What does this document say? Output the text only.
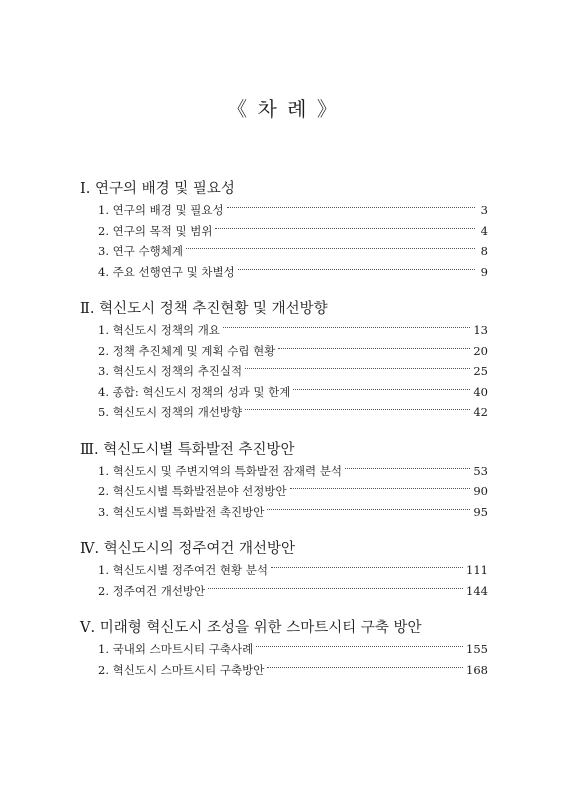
《 차 례 》
I. 연구의 배경 및 필요성
1. 연구의 배경 및 필요성	3
2. 연구의 목적 및 범위	4
3. 연구 수행체계	8
4. 주요 선행연구 및 차별성	9
Ⅱ. 혁신도시 정책 추진현황 및 개선방향
1. 혁신도시 정책의 개요	13
2. 정책 추진체계 및 계획 수립 현황	20
3. 혁신도시 정책의 추진실적	25
4. 종합: 혁신도시 정책의 성과 및 한계	40
5. 혁신도시 정책의 개선방향	42
Ⅲ. 혁신도시별 특화발전 추진방안
1. 혁신도시 및 주변지역의 특화발전 잠재력 분석	53
2. 혁신도시별 특화발전분야 선정방안	90
3. 혁신도시별 특화발전 촉진방안	95
Ⅳ. 혁신도시의 정주여건 개선방안
1. 혁신도시별 정주여건 현황 분석	111
2. 정주여건 개선방안	144
Ⅴ. 미래형 혁신도시 조성을 위한 스마트시티 구축 방안
1. 국내외 스마트시티 구축사례	155
2. 혁신도시 스마트시티 구축방안	168
